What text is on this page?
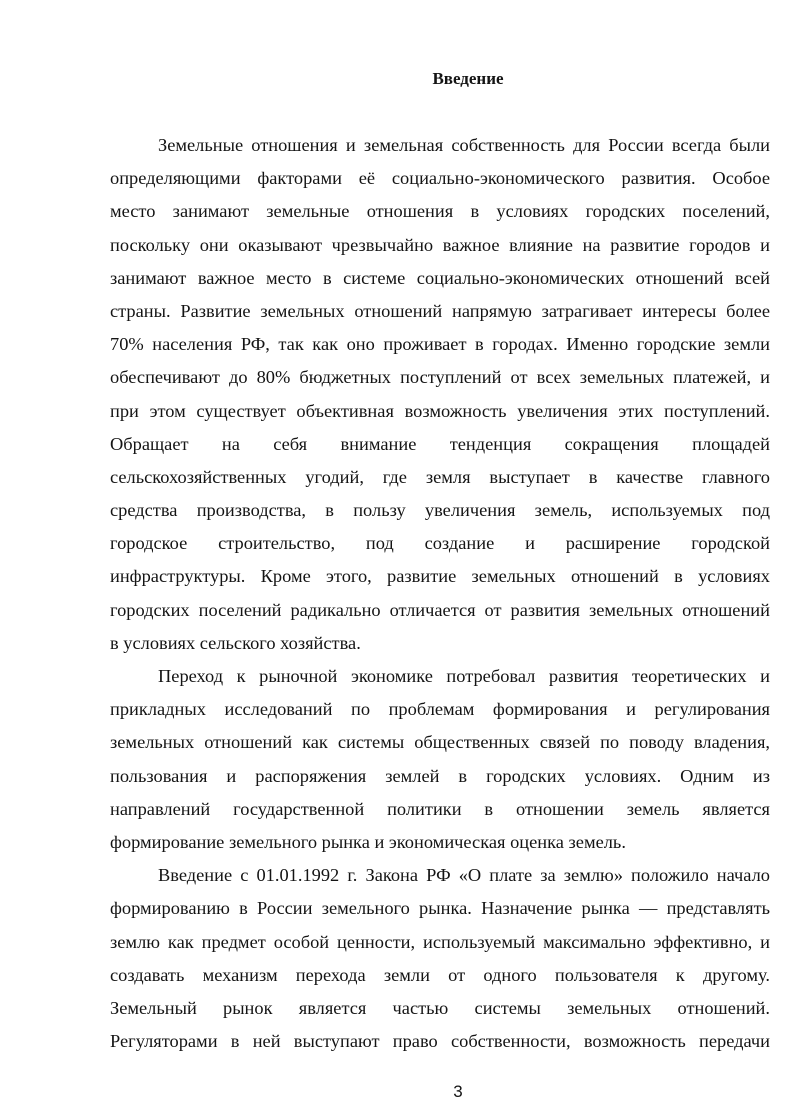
Введение
Земельные отношения и земельная собственность для России всегда были
определяющими факторами её социально-экономического развития. Особое
место занимают земельные отношения в условиях городских поселений,
поскольку они оказывают чрезвычайно важное влияние на развитие городов и
занимают важное место в системе социально-экономических отношений всей
страны. Развитие земельных отношений напрямую затрагивает интересы более
70% населения РФ, так как оно проживает в городах. Именно городские земли
обеспечивают до 80% бюджетных поступлений от всех земельных платежей, и
при этом существует объективная возможность увеличения этих поступлений.
Обращает на себя внимание тенденция сокращения площадей
сельскохозяйственных угодий, где земля выступает в качестве главного
средства производства, в пользу увеличения земель, используемых под
городское строительство, под создание и расширение городской
инфраструктуры. Кроме этого, развитие земельных отношений в условиях
городских поселений радикально отличается от развития земельных отношений
в условиях сельского хозяйства.
Переход к рыночной экономике потребовал развития теоретических и
прикладных исследований по проблемам формирования и регулирования
земельных отношений как системы общественных связей по поводу владения,
пользования и распоряжения землей в городских условиях. Одним из
направлений государственной политики в отношении земель является
формирование земельного рынка и экономическая оценка земель.
Введение с 01.01.1992 г. Закона РФ «О плате за землю» положило начало
формированию в России земельного рынка. Назначение рынка — представлять
землю как предмет особой ценности, используемый максимально эффективно, и
создавать механизм перехода земли от одного пользователя к другому.
Земельный рынок является частью системы земельных отношений.
Регуляторами в ней выступают право собственности, возможность передачи
3
